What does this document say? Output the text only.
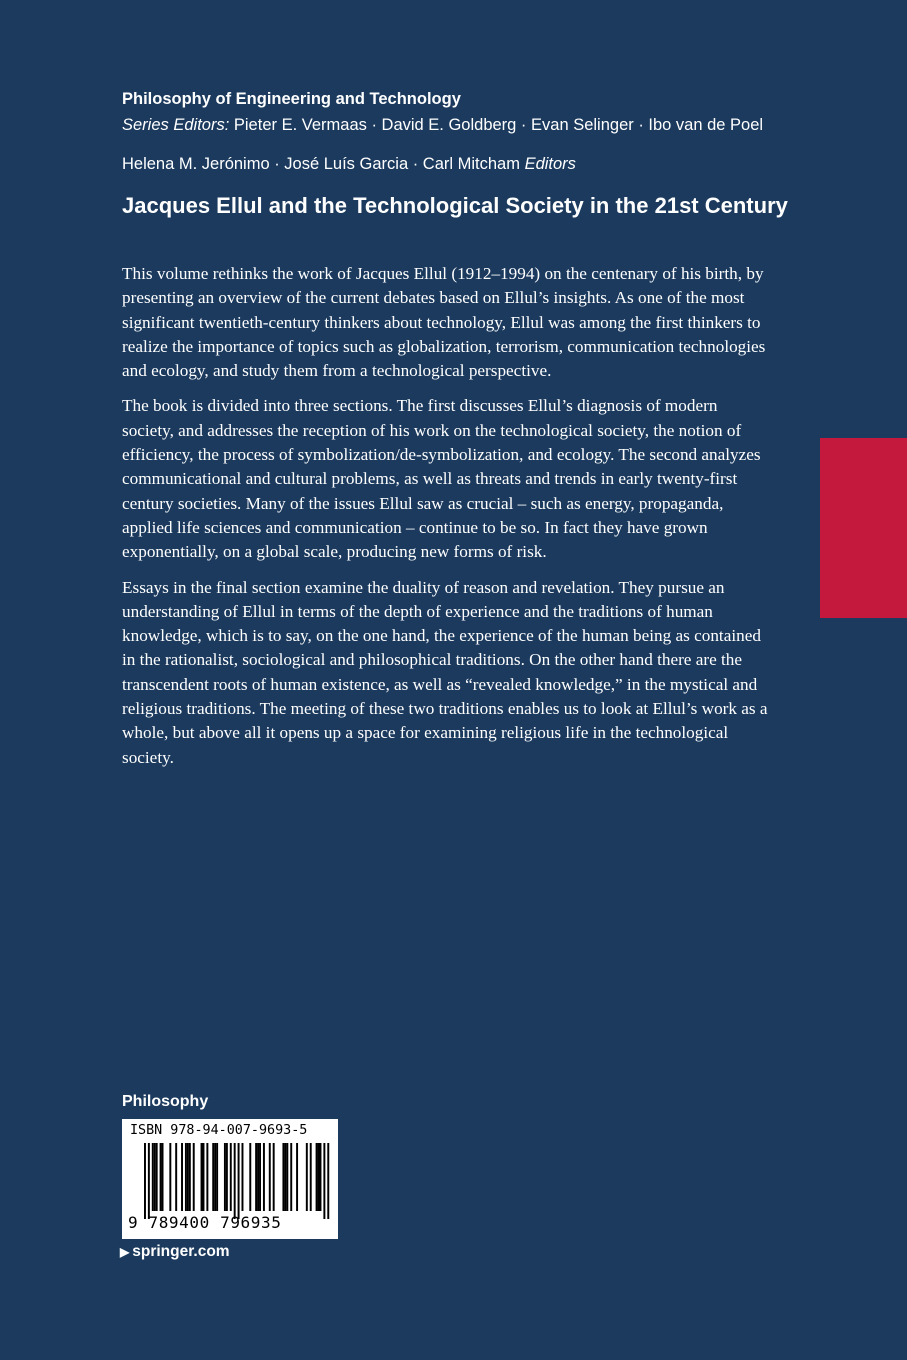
Philosophy of Engineering and Technology
Series Editors: Pieter E. Vermaas · David E. Goldberg · Evan Selinger · Ibo van de Poel
Helena M. Jerónimo · José Luís Garcia · Carl Mitcham Editors
Jacques Ellul and the Technological Society in the 21st Century

This volume rethinks the work of Jacques Ellul (1912–1994) on the centenary of his birth, by presenting an overview of the current debates based on Ellul’s insights. As one of the most significant twentieth-century thinkers about technology, Ellul was among the first thinkers to realize the importance of topics such as globalization, terrorism, communication technologies and ecology, and study them from a technological perspective.

The book is divided into three sections. The first discusses Ellul’s diagnosis of modern society, and addresses the reception of his work on the technological society, the notion of efficiency, the process of symbolization/de-symbolization, and ecology. The second analyzes communicational and cultural problems, as well as threats and trends in early twenty-first century societies. Many of the issues Ellul saw as crucial – such as energy, propaganda, applied life sciences and communication – continue to be so. In fact they have grown exponentially, on a global scale, producing new forms of risk.

Essays in the final section examine the duality of reason and revelation. They pursue an understanding of Ellul in terms of the depth of experience and the traditions of human knowledge, which is to say, on the one hand, the experience of the human being as contained in the rationalist, sociological and philosophical traditions. On the other hand there are the transcendent roots of human existence, as well as “revealed knowledge,” in the mystical and religious traditions. The meeting of these two traditions enables us to look at Ellul’s work as a whole, but above all it opens up a space for examining religious life in the technological society.

Philosophy
ISBN 978-94-007-9693-5
9 789400 796935
▶ springer.com
